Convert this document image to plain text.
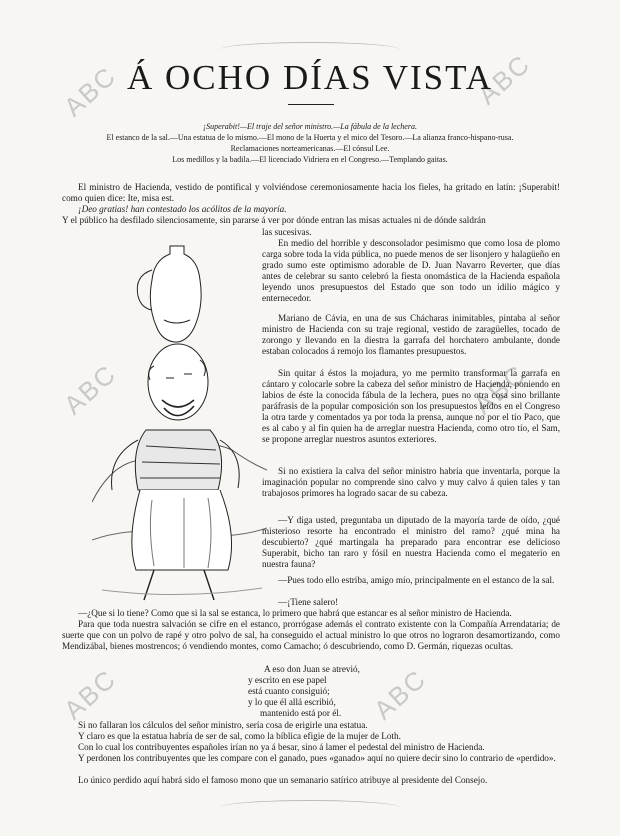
ABC	ABC
ABC	ABC
ABC	ABC
Á OCHO DÍAS VISTA

¡Superabit!—El traje del señor ministro.—La fábula de la lechera.

El estanco de la sal.—Una estatua de lo mismo.—El mono de la Huerta y el mico del Tesoro.—La alianza franco-hispano-rusa.

Reclamaciones norteamericanas.—El cónsul Lee.

Los medillos y la badila.—El licenciado Vidriera en el Congreso.—Templando gaitas.

El ministro de Hacienda, vestido de pontifical y volviéndose ceremoniosamente hacia los fieles, ha gritado en latín: ¡Superabit! como quien dice: Ite, misa est.

¡Deo gratias! han contestado los acólitos de la mayoría.

Y el público ha desfilado silenciosamente, sin pararse á ver por dónde entran las misas actuales ni de dónde saldrán

las sucesivas.

En medio del horrible y desconsolador pesimismo que como losa de plomo carga sobre toda la vida pública, no puede menos de ser lisonjero y halagüeño en grado sumo este optimismo adorable de D. Juan Navarro Reverter, que días antes de celebrar su santo celebró la fiesta onomástica de la Hacienda española leyendo unos presupuestos del Estado que son todo un idilio mágico y enternecedor.

Mariano de Cávia, en una de sus Chácharas inimitables, pintaba al señor ministro de Hacienda con su traje regional, vestido de zaragüelles, tocado de zorongo y llevando en la diestra la garrafa del horchatero ambulante, donde estaban colocados á remojo los flamantes presupuestos.

Sin quitar á éstos la mojadura, yo me permito transformar la garrafa en cántaro y colocarle sobre la cabeza del señor ministro de Hacienda, poniendo en labios de éste la conocida fábula de la lechera, pues no otra cosa sino brillante paráfrasis de la popular composición son los presupuestos leídos en el Congreso la otra tarde y comentados ya por toda la prensa, aunque no por el tío Paco, que es al cabo y al fin quien ha de arreglar nuestra Hacienda, como otro tío, el Sam, se propone arreglar nuestros asuntos exteriores.

Si no existiera la calva del señor ministro habría que inventarla, porque la imaginación popular no comprende sino calvo y muy calvo á quien tales y tan trabajosos primores ha logrado sacar de su cabeza.

—Y diga usted, preguntaba un diputado de la mayoría tarde de oído, ¿qué misterioso resorte ha encontrado el ministro del ramo? ¿qué mina ha descubierto? ¿qué martingala ha preparado para encontrar ese delicioso Superabit, bicho tan raro y fósil en nuestra Hacienda como el megaterio en nuestra fauna?

—Pues todo ello estriba, amigo mío, principalmente en el estanco de la sal.

—¡Tiene salero!

—¿Que si lo tiene? Como que si la sal se estanca, lo primero que habrá que estancar es al señor ministro de Hacienda.

Para que toda nuestra salvación se cifre en el estanco, prorrógase además el contrato existente con la Compañía Arrendataria; de suerte que con un polvo de rapé y otro polvo de sal, ha conseguido el actual ministro lo que otros no lograron desamortizando, como Mendizábal, bienes mostrencos; ó vendiendo montes, como Camacho; ó descubriendo, como D. Germán, riquezas ocultas.

A eso don Juan se atrevió,
y escrito en ese papel
está cuanto consiguió;
y lo que él allá escribió,
mantenido está por él.

Si no fallaran los cálculos del señor ministro, sería cosa de erigirle una estatua.

Y claro es que la estatua habría de ser de sal, como la bíblica efigie de la mujer de Loth.

Con lo cual los contribuyentes españoles irían no ya á besar, sino á lamer el pedestal del ministro de Hacienda.

Y perdonen los contribuyentes que les compare con el ganado, pues «ganado» aquí no quiere decir sino lo contrario de «perdido».

Lo único perdido aquí habrá sido el famoso mono que un semanario satírico atribuye al presidente del Consejo.
